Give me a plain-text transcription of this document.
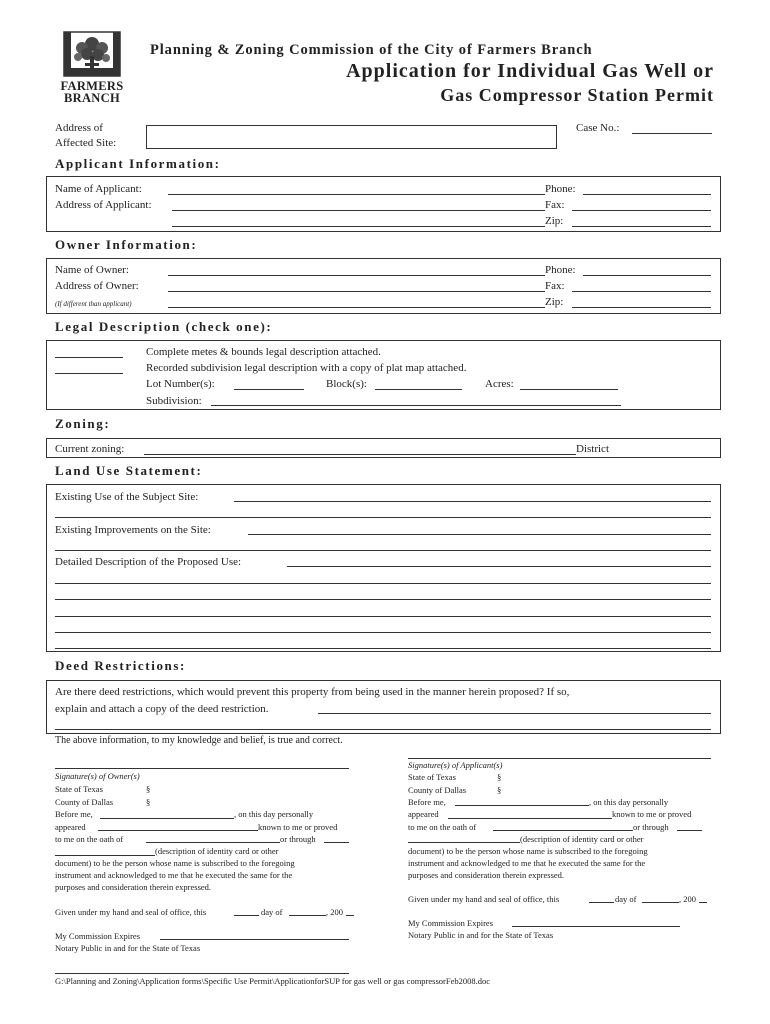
FARMERS
BRANCH
Planning & Zoning Commission of the City of Farmers Branch
Application for Individual Gas Well or
Gas Compressor Station Permit
Address of
Affected Site:
Case No.:
Applicant Information:
Name of Applicant:	Phone:
Address of Applicant:	Fax:
Zip:
Owner Information:
Name of Owner:	Phone:
Address of Owner:	Fax:
(If different than applicant)	Zip:
Legal Description (check one):
Complete metes & bounds legal description attached.
Recorded subdivision legal description with a copy of plat map attached.
Lot Number(s):	Block(s):	Acres:
Subdivision:
Zoning:
Current zoning:	District
Land Use Statement:
Existing Use of the Subject Site:
Existing Improvements on the Site:
Detailed Description of the Proposed Use:
Deed Restrictions:
Are there deed restrictions, which would prevent this property from being used in the manner herein proposed? If so,
explain and attach a copy of the deed restriction.
The above information, to my knowledge and belief, is true and correct.
Signature(s) of Owner(s)
State of Texas	§
County of Dallas	§
Before me,	, on this day personally
appeared	known to me or proved
to me on the oath of	or through
(description of identity card or other
document) to be the person whose name is subscribed to the foregoing
instrument and acknowledged to me that he executed the same for the
purposes and consideration therein expressed.
Given under my hand and seal of office, this	day of	, 200
My Commission Expires
Notary Public in and for the State of Texas
Signature(s) of Applicant(s)
State of Texas	§
County of Dallas	§
Before me,	, on this day personally
appeared	known to me or proved
to me on the oath of	or through
(description of identity card or other
document) to be the person whose name is subscribed to the foregoing
instrument and acknowledged to me that he executed the same for the
purposes and consideration therein expressed.
Given under my hand and seal of office, this	day of	, 200
My Commission Expires
Notary Public in and for the State of Texas
G:\Planning and Zoning\Application forms\Specific Use Permit\ApplicationforSUP for gas well or gas compressorFeb2008.doc
